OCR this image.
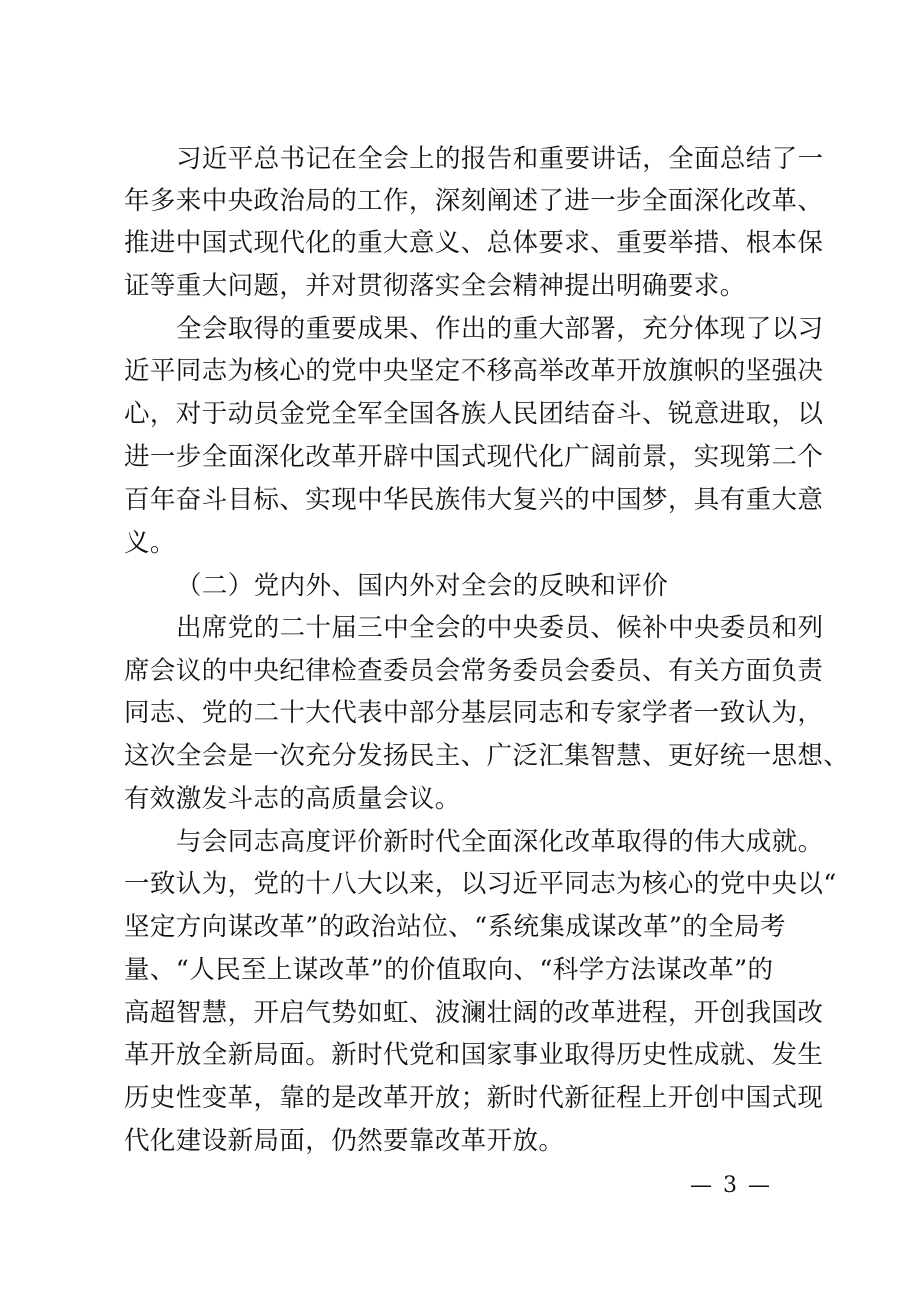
习近平总书记在全会上的报告和重要讲话，全面总结了一
年多来中央政治局的工作，深刻阐述了进一步全面深化改革、
推进中国式现代化的重大意义、总体要求、重要举措、根本保
证等重大问题，并对贯彻落实全会精神提出明确要求。
全会取得的重要成果、作出的重大部署，充分体现了以习
近平同志为核心的党中央坚定不移高举改革开放旗帜的坚强决
心，对于动员金党全军全国各族人民团结奋斗、锐意进取，以
进一步全面深化改革开辟中国式现代化广阔前景，实现第二个
百年奋斗目标、实现中华民族伟大复兴的中国梦，具有重大意
义。
（二）党内外、国内外对全会的反映和评价
出席党的二十届三中全会的中央委员、候补中央委员和列
席会议的中央纪律检查委员会常务委员会委员、有关方面负责
同志、党的二十大代表中部分基层同志和专家学者一致认为，
这次全会是一次充分发扬民主、广泛汇集智慧、更好统一思想、
有效激发斗志的高质量会议。
与会同志高度评价新时代全面深化改革取得的伟大成就。
一致认为，党的十八大以来，以习近平同志为核心的党中央以“
坚定方向谋改革”的政治站位、“系统集成谋改革”的全局考
量、“人民至上谋改革”的价值取向、“科学方法谋改革”的
高超智慧，开启气势如虹、波澜壮阔的改革进程，开创我国改
革开放全新局面。新时代党和国家事业取得历史性成就、发生
历史性变革，靠的是改革开放；新时代新征程上开创中国式现
代化建设新局面，仍然要靠改革开放。
— 3 —
